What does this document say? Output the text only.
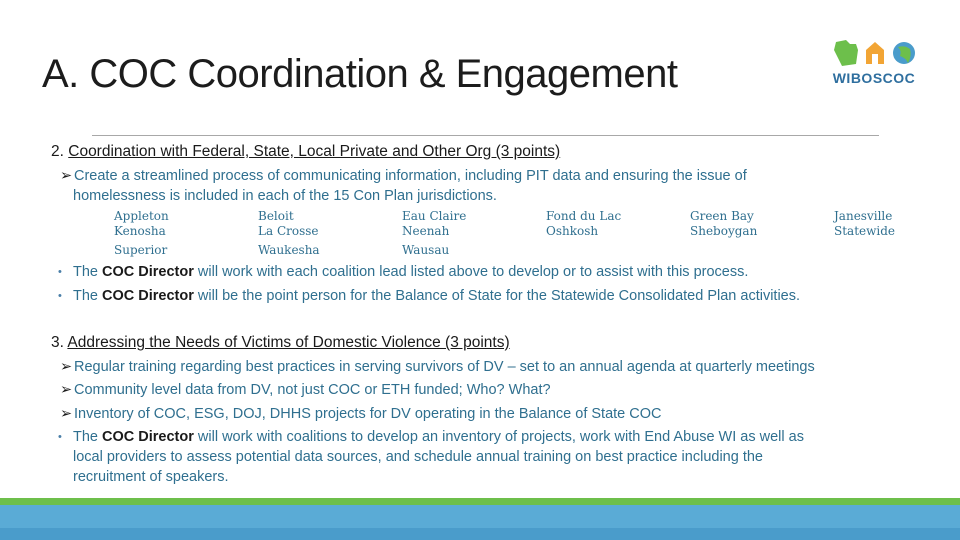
A. COC Coordination & Engagement	WIBOSCOC
2. Coordination with Federal, State, Local Private and Other Org (3 points)
➢ Create a streamlined process of communicating information, including PIT data and ensuring the issue of
homelessness is included in each of the 15 Con Plan jurisdictions.
Appleton
Kenosha
Superior
Beloit
La Crosse
Waukesha
Eau Claire
Neenah
Wausau
Fond du Lac
Oshkosh
Green Bay
Sheboygan
Janesville
Statewide
• The COC Director will work with each coalition lead listed above to develop or to assist with this process.
• The COC Director will be the point person for the Balance of State for the Statewide Consolidated Plan activities.
3. Addressing the Needs of Victims of Domestic Violence (3 points)
➢ Regular training regarding best practices in serving survivors of DV – set to an annual agenda at quarterly meetings
➢ Community level data from DV, not just COC or ETH funded; Who? What?
➢ Inventory of COC, ESG, DOJ, DHHS projects for DV operating in the Balance of State COC
• The COC Director will work with coalitions to develop an inventory of projects, work with End Abuse WI as well as
local providers to assess potential data sources, and schedule annual training on best practice including the
recruitment of speakers.
